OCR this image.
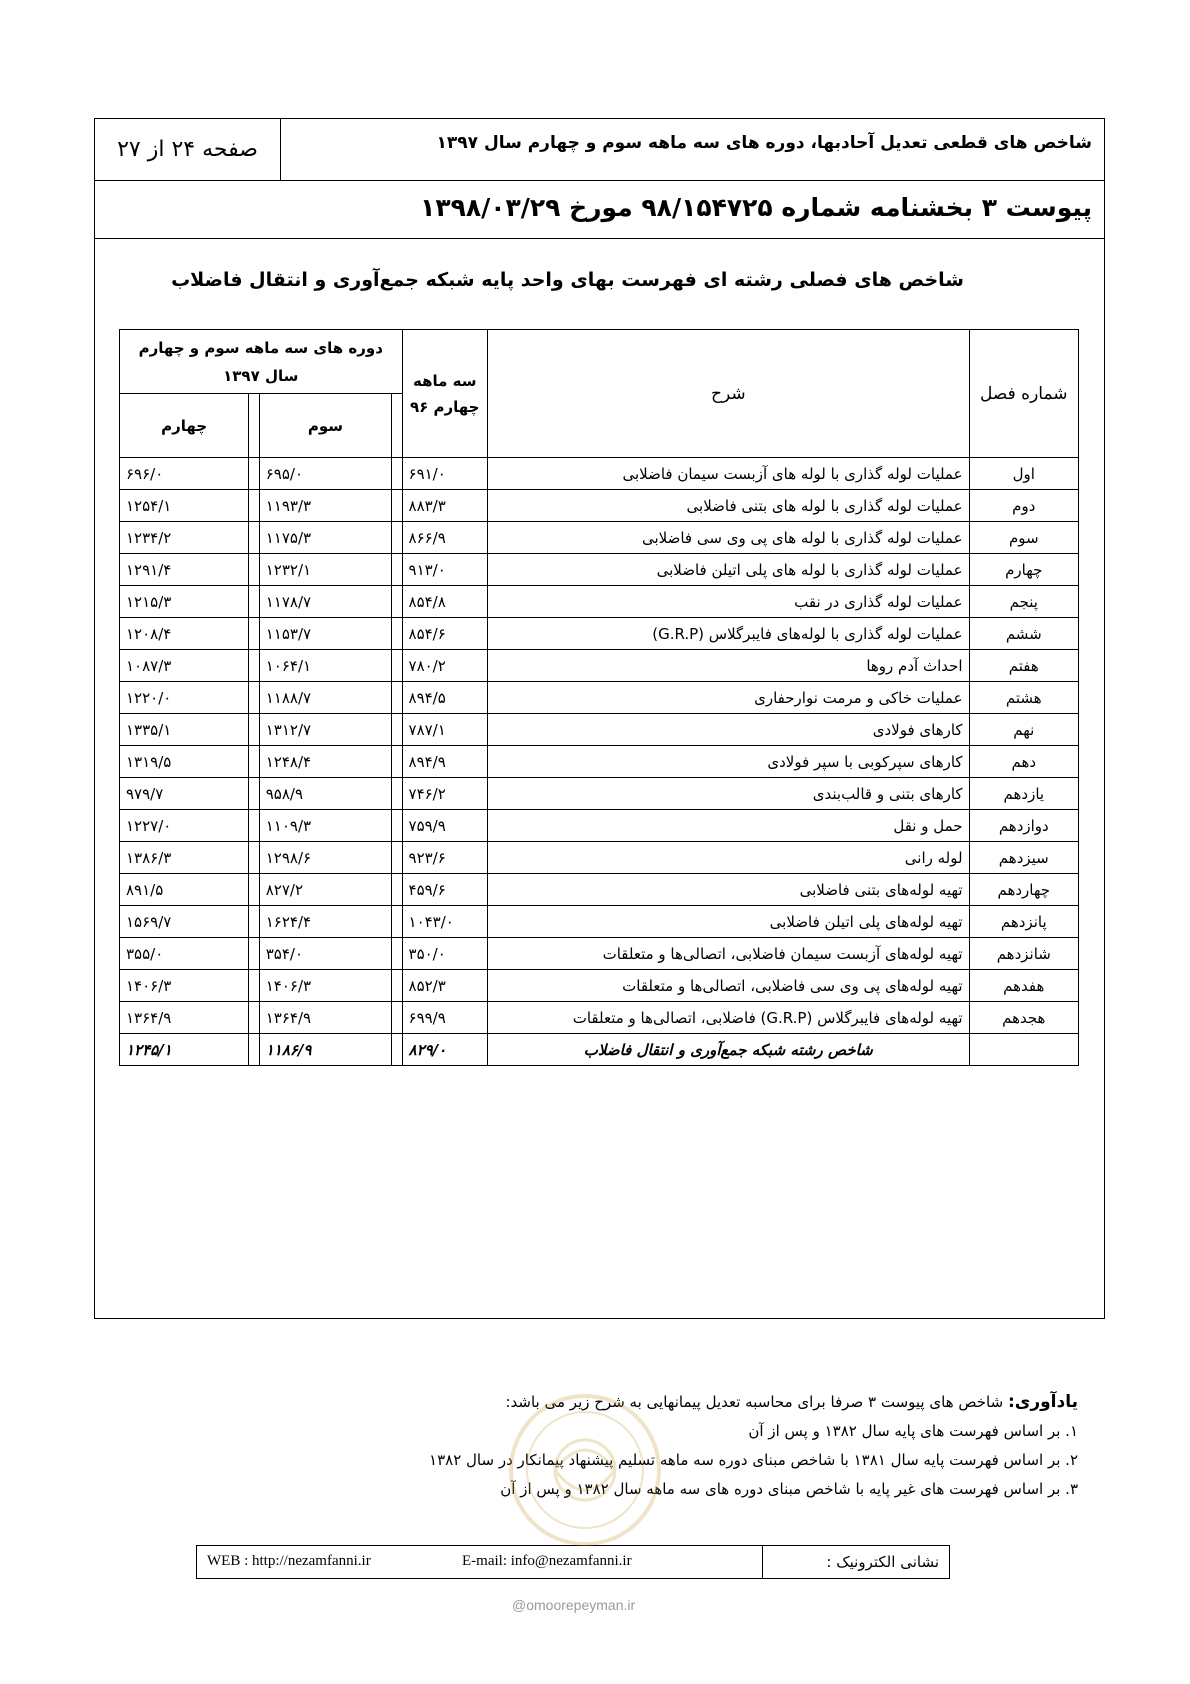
شاخص های قطعی تعدیل آحادبها، دوره های سه ماهه سوم و چهارم سال ۱۳۹۷
صفحه ۲۴ از ۲۷
پیوست ۳ بخشنامه شماره ۹۸/۱۵۴۷۲۵ مورخ ۱۳۹۸/۰۳/۲۹
شاخص های فصلی رشته ای فهرست بهای واحد پایه شبکه جمع‌آوری و انتقال فاضلاب
شماره فصل	شرح	سه ماهه چهارم ۹۶	دوره های سه ماهه سوم و چهارم سال ۱۳۹۷			
				سوم		چهارم
اول	عملیات لوله گذاری با لوله های آزبست سیمان فاضلابی	۶۹۱/۰		۶۹۵/۰		۶۹۶/۰
دوم	عملیات لوله گذاری با لوله های بتنی فاضلابی	۸۸۳/۳		۱۱۹۳/۳		۱۲۵۴/۱
سوم	عملیات لوله گذاری با لوله های پی وی سی فاضلابی	۸۶۶/۹		۱۱۷۵/۳		۱۲۳۴/۲
چهارم	عملیات لوله گذاری با لوله های پلی اتیلن فاضلابی	۹۱۳/۰		۱۲۳۲/۱		۱۲۹۱/۴
پنجم	عملیات لوله گذاری در نقب	۸۵۴/۸		۱۱۷۸/۷		۱۲۱۵/۳
ششم	عملیات لوله گذاری با لوله‌های فایبرگلاس (G.R.P)	۸۵۴/۶		۱۱۵۳/۷		۱۲۰۸/۴
هفتم	احداث آدم روها	۷۸۰/۲		۱۰۶۴/۱		۱۰۸۷/۳
هشتم	عملیات خاکی و مرمت نوارحفاری	۸۹۴/۵		۱۱۸۸/۷		۱۲۲۰/۰
نهم	کارهای فولادی	۷۸۷/۱		۱۳۱۲/۷		۱۳۳۵/۱
دهم	کارهای سپرکوبی با سپر فولادی	۸۹۴/۹		۱۲۴۸/۴		۱۳۱۹/۵
یازدهم	کارهای بتنی و قالب‌بندی	۷۴۶/۲		۹۵۸/۹		۹۷۹/۷
دوازدهم	حمل و نقل	۷۵۹/۹		۱۱۰۹/۳		۱۲۲۷/۰
سیزدهم	لوله رانی	۹۲۳/۶		۱۲۹۸/۶		۱۳۸۶/۳
چهاردهم	تهیه لوله‌های بتنی فاضلابی	۴۵۹/۶		۸۲۷/۲		۸۹۱/۵
پانزدهم	تهیه لوله‌های پلی اتیلن فاضلابی	۱۰۴۳/۰		۱۶۲۴/۴		۱۵۶۹/۷
شانزدهم	تهیه لوله‌های آزبست سیمان فاضلابی، اتصالی‌ها و متعلقات	۳۵۰/۰		۳۵۴/۰		۳۵۵/۰
هفدهم	تهیه لوله‌های پی وی سی فاضلابی، اتصالی‌ها و متعلقات	۸۵۲/۳		۱۴۰۶/۳		۱۴۰۶/۳
هجدهم	تهیه لوله‌های فایبرگلاس (G.R.P) فاضلابی، اتصالی‌ها و متعلقات	۶۹۹/۹		۱۳۶۴/۹		۱۳۶۴/۹
	شاخص رشته شبکه جمع‌آوری و انتقال فاضلاب	۸۲۹/۰		۱۱۸۶/۹		۱۲۴۵/۱
یادآوری: شاخص های پیوست ۳ صرفا برای محاسبه تعدیل پیمانهایی به شرح زیر می باشد:
۱. بر اساس فهرست های پایه سال ۱۳۸۲ و پس از آن
۲. بر اساس فهرست پایه سال ۱۳۸۱ با شاخص مبنای دوره سه ماهه تسلیم پیشنهاد پیمانکار در سال ۱۳۸۲
۳. بر اساس فهرست های غیر پایه با شاخص مبنای دوره های سه ماهه سال ۱۳۸۲ و پس از آن
WEB : http://nezamfanni.ir	E-mail: info@nezamfanni.ir	نشانی الکترونیک :
@omoorepeyman.ir
